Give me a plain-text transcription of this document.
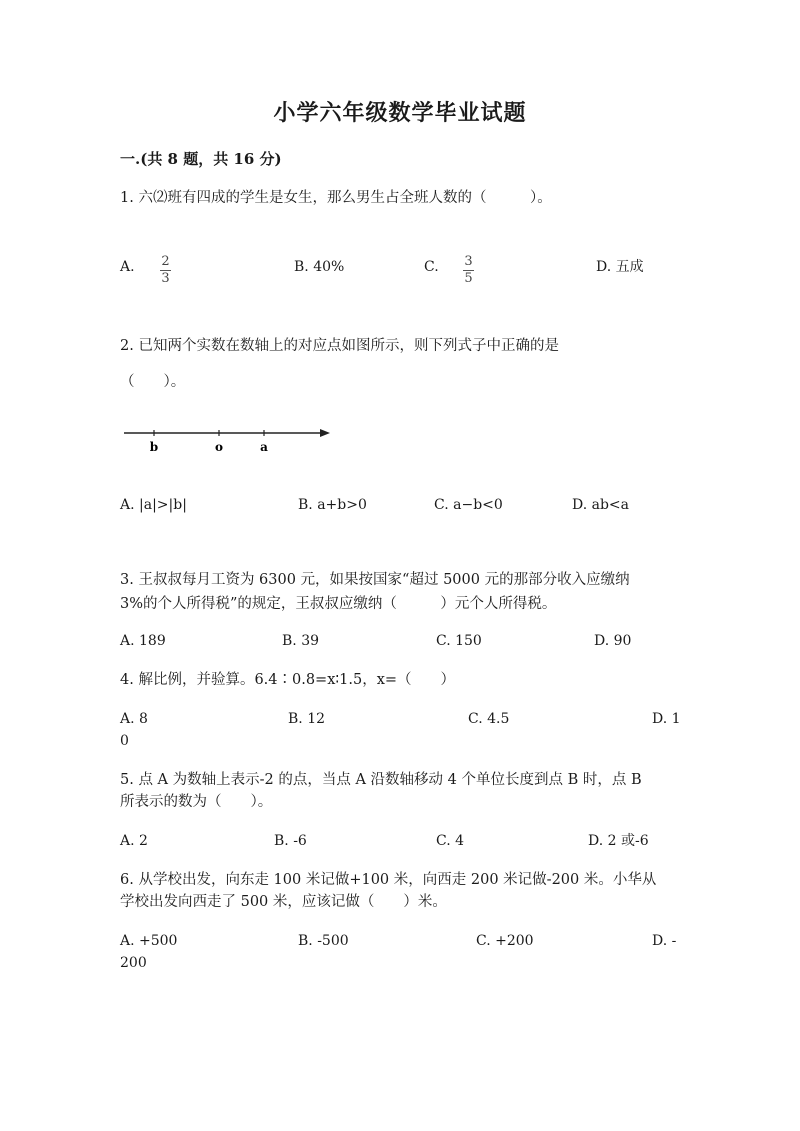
小学六年级数学毕业试题
一.(共 8 题，共 16 分)
1. 六⑵班有四成的学生是女生，那么男生占全班人数的（　　　）。
A. $\frac{2}{3}$	B. 40%	C. $\frac{3}{5}$	D. 五成
2. 已知两个实数在数轴上的对应点如图所示，则下列式子中正确的是
（　　）。
b	o	a
A. |a|>|b|	B. a+b>0	C. a−b<0	D. ab<a
3. 王叔叔每月工资为 6300 元，如果按国家“超过 5000 元的那部分收入应缴纳
3%的个人所得税”的规定，王叔叔应缴纳（　　　）元个人所得税。
A. 189	B. 39	C. 150	D. 90
4. 解比例，并验算。6.4∶0.8=x∶1.5，x=（　　）
A. 8	B. 12	C. 4.5	D. 1
0
5. 点 A 为数轴上表示-2 的点，当点 A 沿数轴移动 4 个单位长度到点 B 时，点 B
所表示的数为（　　）。
A. 2	B. -6	C. 4	D. 2 或-6
6. 从学校出发，向东走 100 米记做+100 米，向西走 200 米记做-200 米。小华从
学校出发向西走了 500 米，应该记做（　　）米。
A. +500	B. -500	C. +200	D. -
200
